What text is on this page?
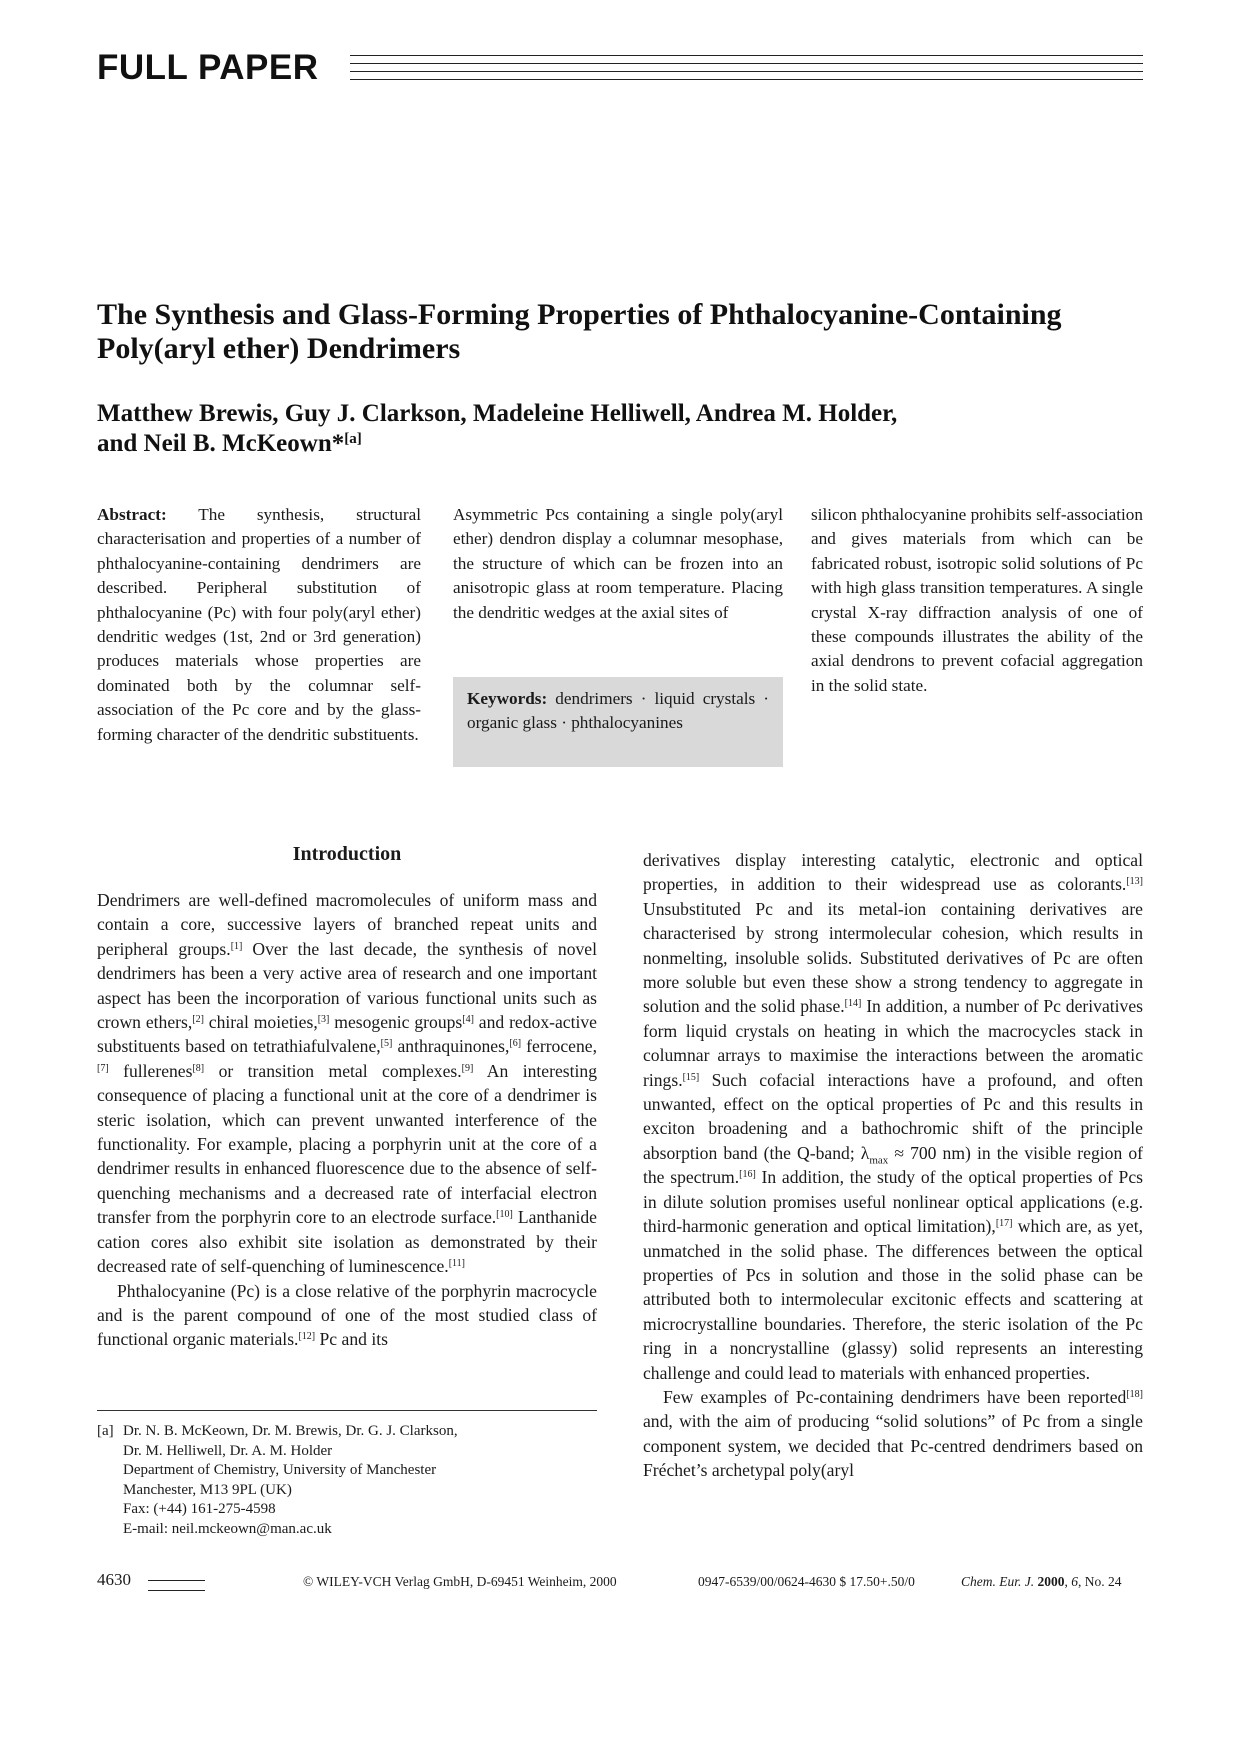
FULL PAPER
The Synthesis and Glass-Forming Properties of Phthalocyanine-Containing Poly(aryl ether) Dendrimers
Matthew Brewis, Guy J. Clarkson, Madeleine Helliwell, Andrea M. Holder,
and Neil B. McKeown*[a]
Abstract: The synthesis, structural characterisation and properties of a number of phthalocyanine-containing dendrimers are described. Peripheral substitution of phthalocyanine (Pc) with four poly(aryl ether) dendritic wedges (1st, 2nd or 3rd generation) produces materials whose properties are dominated both by the columnar self-association of the Pc core and by the glass-forming character of the dendritic substituents.
Asymmetric Pcs containing a single poly(aryl ether) dendron display a columnar mesophase, the structure of which can be frozen into an anisotropic glass at room temperature. Placing the dendritic wedges at the axial sites of
Keywords: dendrimers · liquid crystals · organic glass · phthalocyanines
silicon phthalocyanine prohibits self-association and gives materials from which can be fabricated robust, isotropic solid solutions of Pc with high glass transition temperatures. A single crystal X-ray diffraction analysis of one of these compounds illustrates the ability of the axial dendrons to prevent cofacial aggregation in the solid state.
Introduction

Dendrimers are well-defined macromolecules of uniform mass and contain a core, successive layers of branched repeat units and peripheral groups.[1] Over the last decade, the synthesis of novel dendrimers has been a very active area of research and one important aspect has been the incorporation of various functional units such as crown ethers,[2] chiral moieties,[3] mesogenic groups[4] and redox-active substituents based on tetrathiafulvalene,[5] anthraquinones,[6] ferrocene,[7] fullerenes[8] or transition metal complexes.[9] An interesting consequence of placing a functional unit at the core of a dendrimer is steric isolation, which can prevent unwanted interference of the functionality. For example, placing a porphyrin unit at the core of a dendrimer results in enhanced fluorescence due to the absence of self-quenching mechanisms and a decreased rate of interfacial electron transfer from the porphyrin core to an electrode surface.[10] Lanthanide cation cores also exhibit site isolation as demonstrated by their decreased rate of self-quenching of luminescence.[11]

Phthalocyanine (Pc) is a close relative of the porphyrin macrocycle and is the parent compound of one of the most studied class of functional organic materials.[12] Pc and its

[a] Dr. N. B. McKeown, Dr. M. Brewis, Dr. G. J. Clarkson,
Dr. M. Helliwell, Dr. A. M. Holder
Department of Chemistry, University of Manchester
Manchester, M13 9PL (UK)
Fax: (+44) 161-275-4598
E-mail: neil.mckeown@man.ac.uk

derivatives display interesting catalytic, electronic and optical properties, in addition to their widespread use as colorants.[13] Unsubstituted Pc and its metal-ion containing derivatives are characterised by strong intermolecular cohesion, which results in nonmelting, insoluble solids. Substituted derivatives of Pc are often more soluble but even these show a strong tendency to aggregate in solution and the solid phase.[14] In addition, a number of Pc derivatives form liquid crystals on heating in which the macrocycles stack in columnar arrays to maximise the interactions between the aromatic rings.[15] Such cofacial interactions have a profound, and often unwanted, effect on the optical properties of Pc and this results in exciton broadening and a bathochromic shift of the principle absorption band (the Q-band; $\lambda_{max} \approx 700$ nm) in the visible region of the spectrum.[16] In addition, the study of the optical properties of Pcs in dilute solution promises useful nonlinear optical applications (e.g. third-harmonic generation and optical limitation),[17] which are, as yet, unmatched in the solid phase. The differences between the optical properties of Pcs in solution and those in the solid phase can be attributed both to intermolecular excitonic effects and scattering at microcrystalline boundaries. Therefore, the steric isolation of the Pc ring in a noncrystalline (glassy) solid represents an interesting challenge and could lead to materials with enhanced properties.

Few examples of Pc-containing dendrimers have been reported[18] and, with the aim of producing “solid solutions” of Pc from a single component system, we decided that Pc-centred dendrimers based on Fréchet’s archetypal poly(aryl

4630	© WILEY-VCH Verlag GmbH, D-69451 Weinheim, 2000	0947-6539/00/0624-4630 $ 17.50+.50/0	Chem. Eur. J. 2000, 6, No. 24
